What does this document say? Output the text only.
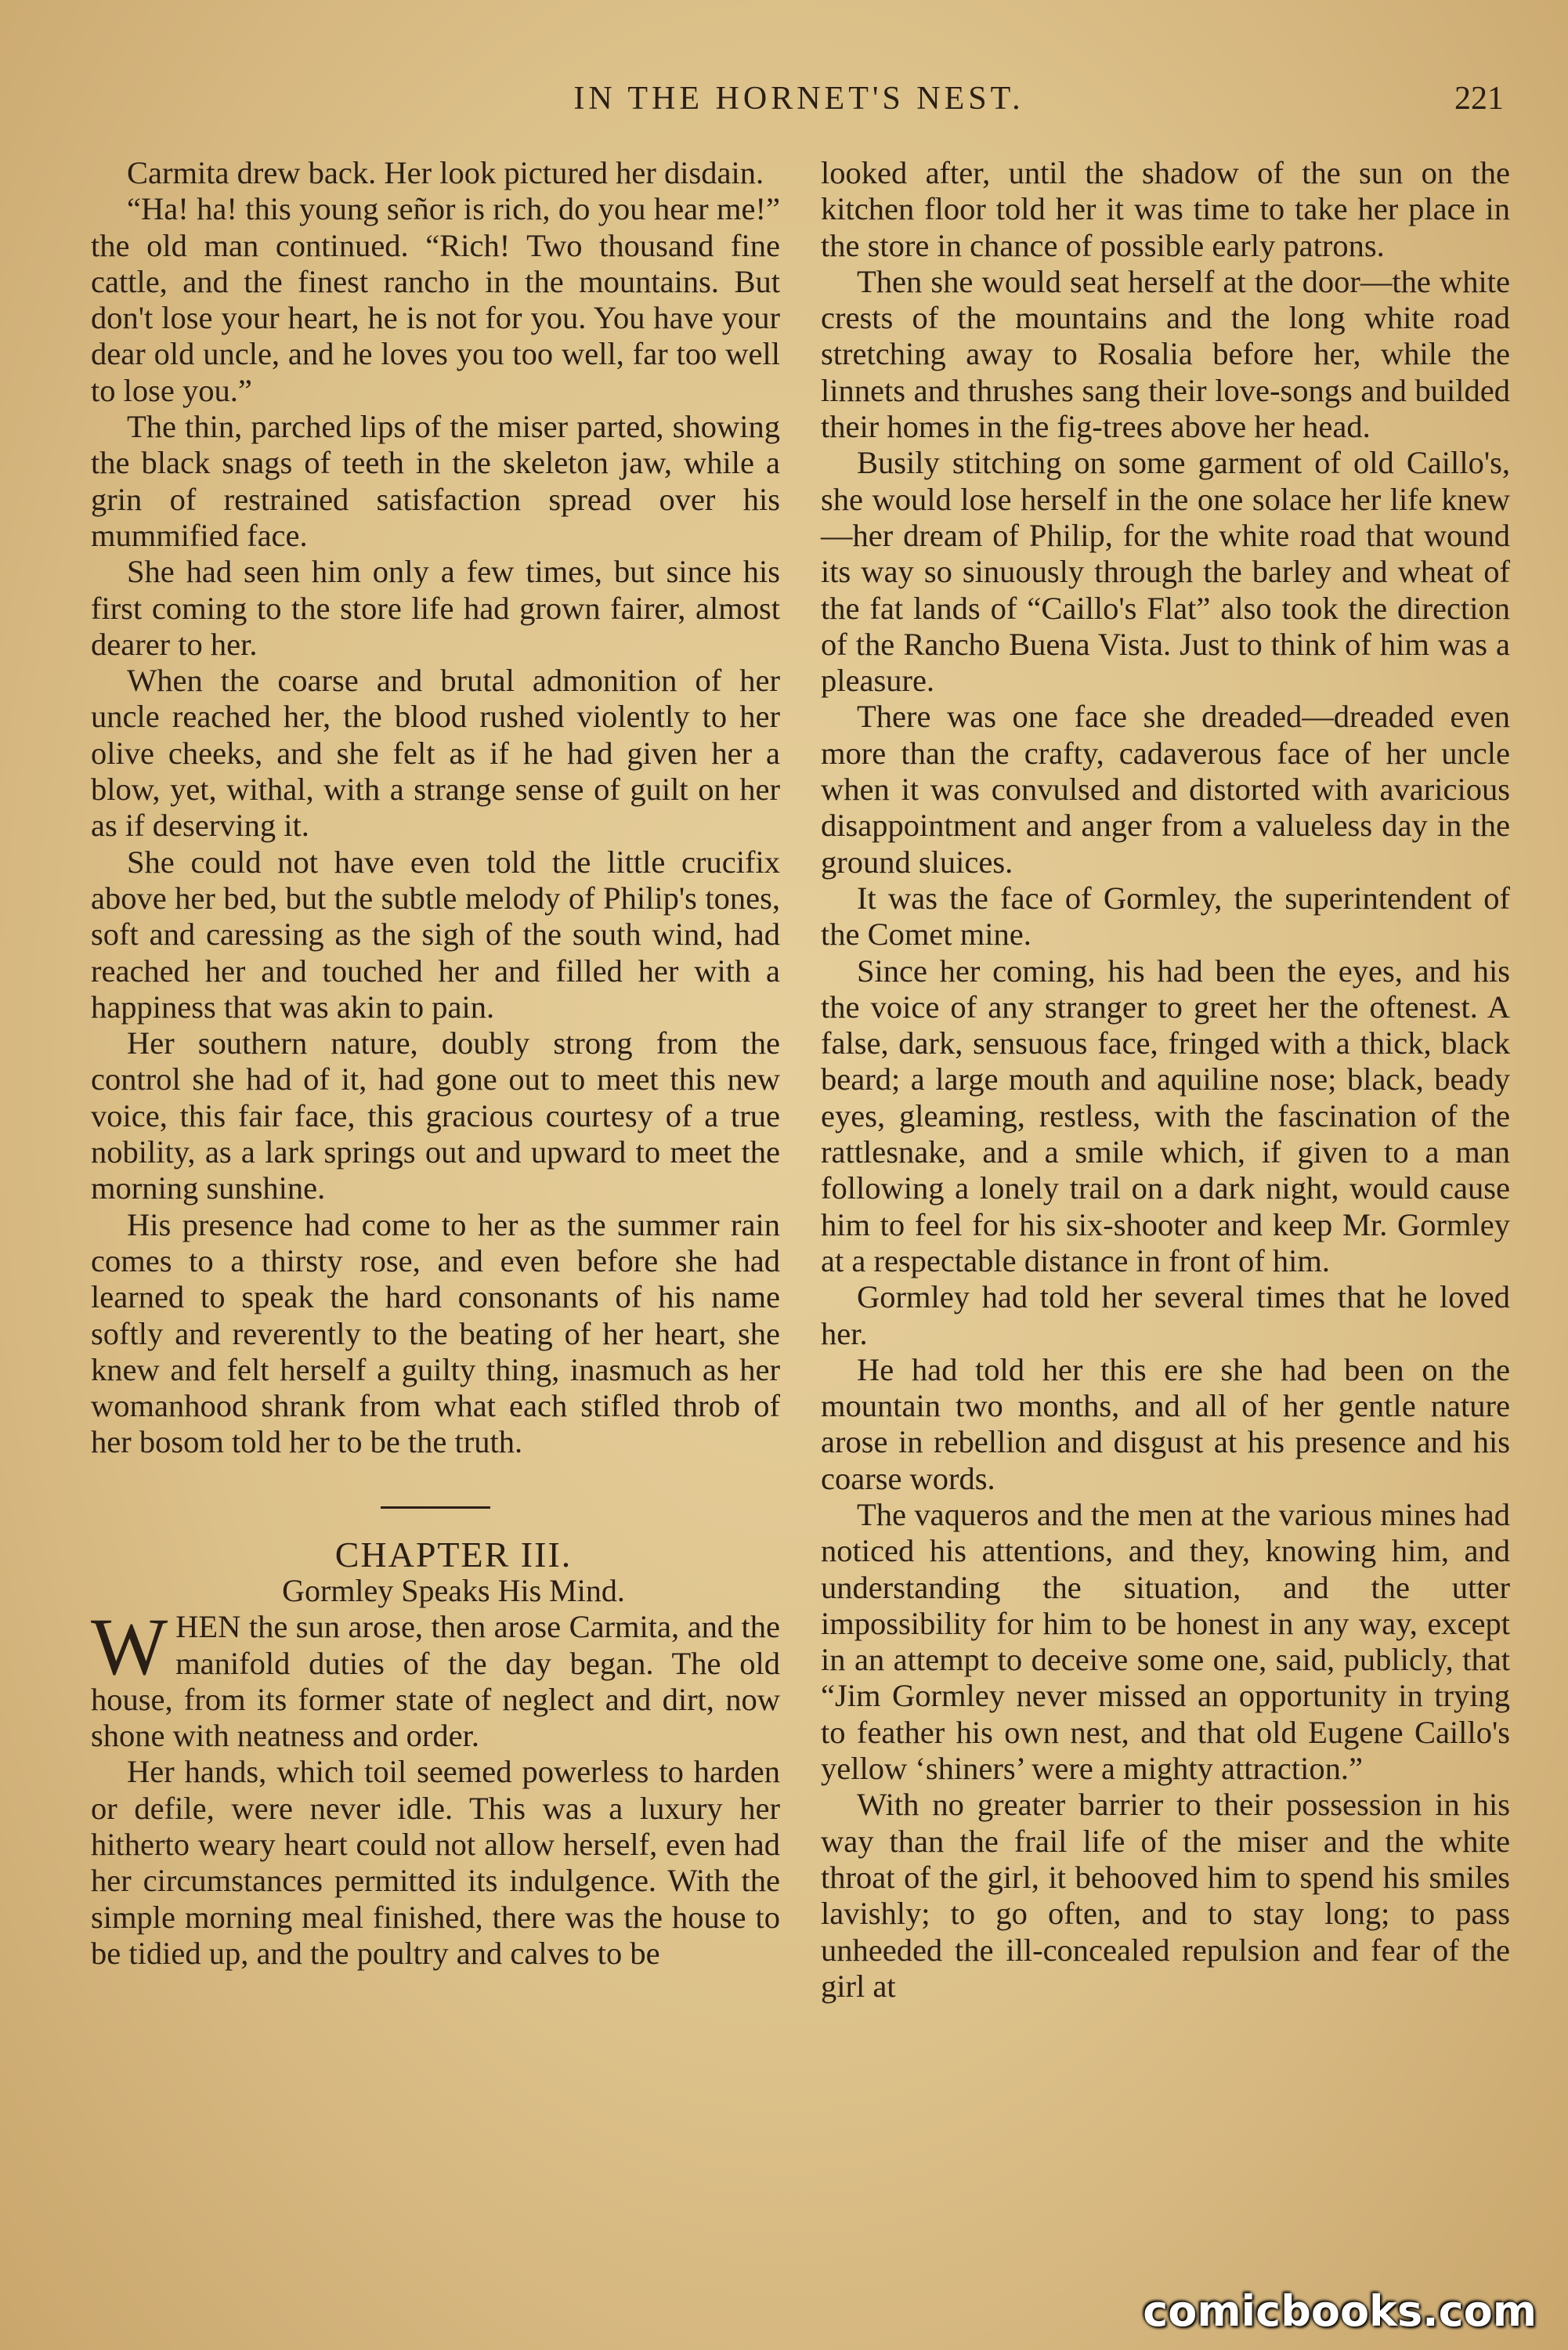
IN THE HORNET'S NEST.	221

Carmita drew back. Her look pictured her disdain.

“Ha! ha! this young señor is rich, do you hear me!” the old man continued. “Rich! Two thousand fine cattle, and the finest rancho in the mountains. But don't lose your heart, he is not for you. You have your dear old uncle, and he loves you too well, far too well to lose you.”

The thin, parched lips of the miser parted, showing the black snags of teeth in the skeleton jaw, while a grin of restrained satisfaction spread over his mummified face.

She had seen him only a few times, but since his first coming to the store life had grown fairer, almost dearer to her.

When the coarse and brutal admonition of her uncle reached her, the blood rushed violently to her olive cheeks, and she felt as if he had given her a blow, yet, withal, with a strange sense of guilt on her as if deserving it.

She could not have even told the little crucifix above her bed, but the subtle melody of Philip's tones, soft and caressing as the sigh of the south wind, had reached her and touched her and filled her with a happiness that was akin to pain.

Her southern nature, doubly strong from the control she had of it, had gone out to meet this new voice, this fair face, this gracious courtesy of a true nobility, as a lark springs out and upward to meet the morning sunshine.

His presence had come to her as the summer rain comes to a thirsty rose, and even before she had learned to speak the hard consonants of his name softly and reverently to the beating of her heart, she knew and felt herself a guilty thing, inasmuch as her womanhood shrank from what each stifled throb of her bosom told her to be the truth.

CHAPTER III.

Gormley Speaks His Mind.

WHEN the sun arose, then arose Carmita, and the manifold duties of the day began. The old house, from its former state of neglect and dirt, now shone with neatness and order.

Her hands, which toil seemed powerless to harden or defile, were never idle. This was a luxury her hitherto weary heart could not allow herself, even had her circumstances permitted its indulgence. With the simple morning meal finished, there was the house to be tidied up, and the poultry and calves to be

looked after, until the shadow of the sun on the kitchen floor told her it was time to take her place in the store in chance of possible early patrons.

Then she would seat herself at the door—the white crests of the mountains and the long white road stretching away to Rosalia before her, while the linnets and thrushes sang their love-songs and builded their homes in the fig-trees above her head.

Busily stitching on some garment of old Caillo's, she would lose herself in the one solace her life knew—her dream of Philip, for the white road that wound its way so sinuously through the barley and wheat of the fat lands of “Caillo's Flat” also took the direction of the Rancho Buena Vista. Just to think of him was a pleasure.

There was one face she dreaded—dreaded even more than the crafty, cadaverous face of her uncle when it was convulsed and distorted with avaricious disappointment and anger from a valueless day in the ground sluices.

It was the face of Gormley, the superintendent of the Comet mine.

Since her coming, his had been the eyes, and his the voice of any stranger to greet her the oftenest. A false, dark, sensuous face, fringed with a thick, black beard; a large mouth and aquiline nose; black, beady eyes, gleaming, restless, with the fascination of the rattlesnake, and a smile which, if given to a man following a lonely trail on a dark night, would cause him to feel for his six-shooter and keep Mr. Gormley at a respectable distance in front of him.

Gormley had told her several times that he loved her.

He had told her this ere she had been on the mountain two months, and all of her gentle nature arose in rebellion and disgust at his presence and his coarse words.

The vaqueros and the men at the various mines had noticed his attentions, and they, knowing him, and understanding the situation, and the utter impossibility for him to be honest in any way, except in an attempt to deceive some one, said, publicly, that “Jim Gormley never missed an opportunity in trying to feather his own nest, and that old Eugene Caillo's yellow ‘shiners’ were a mighty attraction.”

With no greater barrier to their possession in his way than the frail life of the miser and the white throat of the girl, it behooved him to spend his smiles lavishly; to go often, and to stay long; to pass unheeded the ill-concealed repulsion and fear of the girl at

comicbooks.com
